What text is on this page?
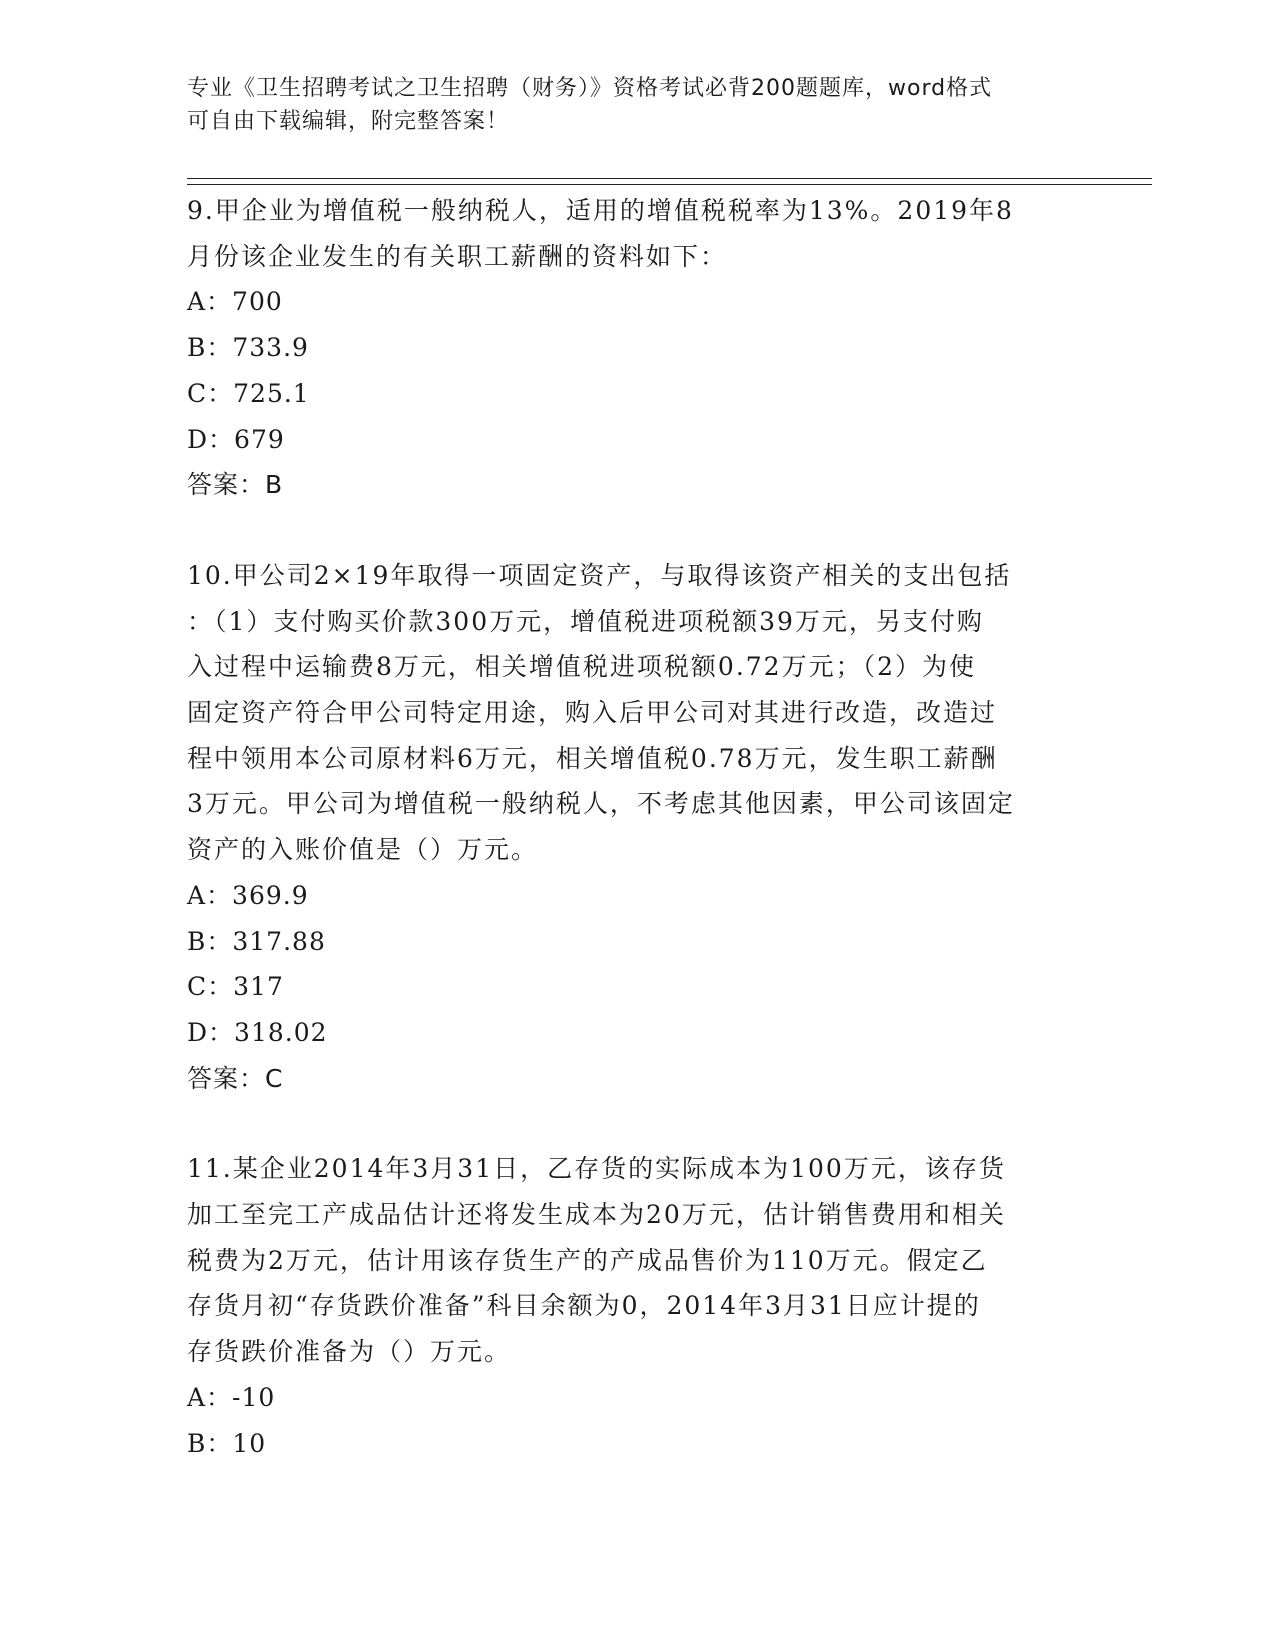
专业《卫生招聘考试之卫生招聘（财务）》资格考试必背200题题库，word格式
可自由下载编辑，附完整答案！

9.甲企业为增值税一般纳税人，适用的增值税税率为13%。2019年8

月份该企业发生的有关职工薪酬的资料如下：

A：700

B：733.9

C：725.1

D：679

答案：B

10.甲公司2×19年取得一项固定资产，与取得该资产相关的支出包括

：（1）支付购买价款300万元，增值税进项税额39万元，另支付购

入过程中运输费8万元，相关增值税进项税额0.72万元；（2）为使

固定资产符合甲公司特定用途，购入后甲公司对其进行改造，改造过

程中领用本公司原材料6万元，相关增值税0.78万元，发生职工薪酬

3万元。甲公司为增值税一般纳税人，不考虑其他因素，甲公司该固定

资产的入账价值是（）万元。

A：369.9

B：317.88

C：317

D：318.02

答案：C

11.某企业2014年3月31日，乙存货的实际成本为100万元，该存货

加工至完工产成品估计还将发生成本为20万元，估计销售费用和相关

税费为2万元，估计用该存货生产的产成品售价为110万元。假定乙

存货月初“存货跌价准备”科目余额为0，2014年3月31日应计提的

存货跌价准备为（）万元。

A：-10

B：10
